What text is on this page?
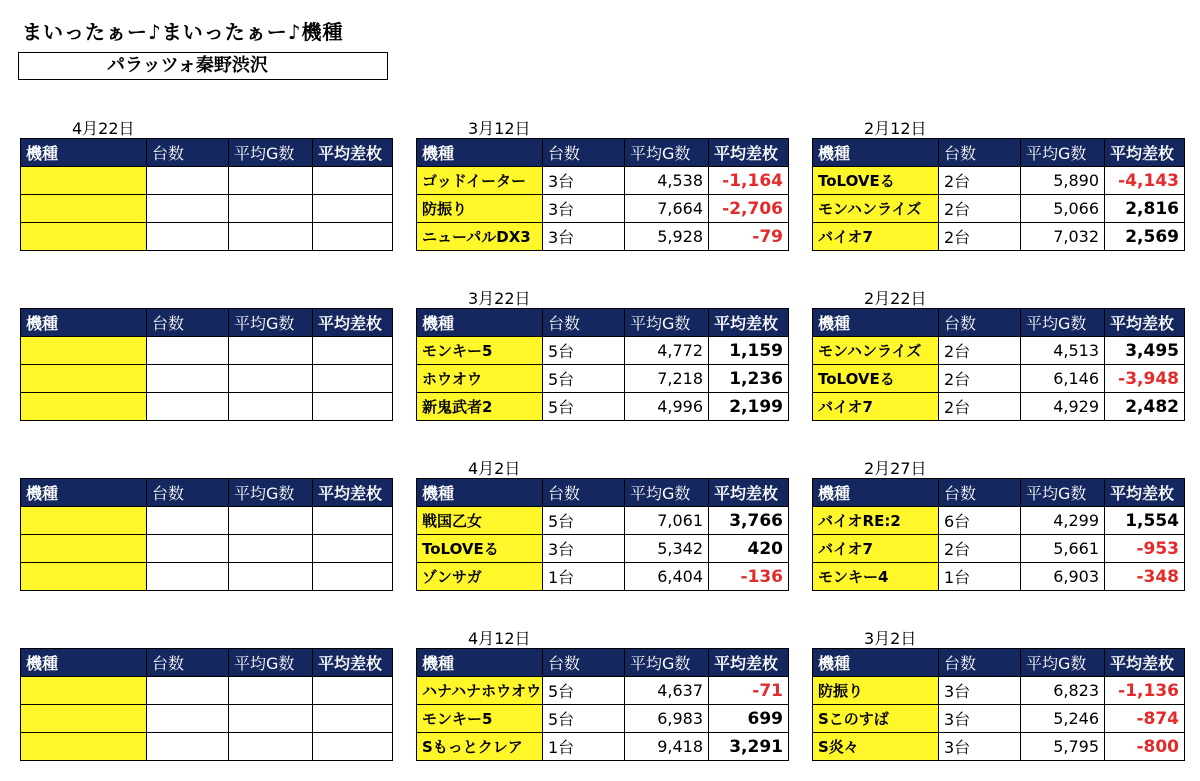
まいったぁー♪まいったぁー♪機種
パラッツォ秦野渋沢
4月22日
機種	台数	平均G数	平均差枚

3月12日
機種	台数	平均G数	平均差枚
ゴッドイーター	3台	4,538	-1,164
防振り	3台	7,664	-2,706
ニューパルDX3	3台	5,928	-79
2月12日
機種	台数	平均G数	平均差枚
ToLOVEる	2台	5,890	-4,143
モンハンライズ	2台	5,066	2,816
バイオ7	2台	7,032	2,569
機種	台数	平均G数	平均差枚

3月22日
機種	台数	平均G数	平均差枚
モンキー5	5台	4,772	1,159
ホウオウ	5台	7,218	1,236
新鬼武者2	5台	4,996	2,199
2月22日
機種	台数	平均G数	平均差枚
モンハンライズ	2台	4,513	3,495
ToLOVEる	2台	6,146	-3,948
バイオ7	2台	4,929	2,482
機種	台数	平均G数	平均差枚

4月2日
機種	台数	平均G数	平均差枚
戦国乙女	5台	7,061	3,766
ToLOVEる	3台	5,342	420
ゾンサガ	1台	6,404	-136
2月27日
機種	台数	平均G数	平均差枚
バイオRE:2	6台	4,299	1,554
バイオ7	2台	5,661	-953
モンキー4	1台	6,903	-348
機種	台数	平均G数	平均差枚

4月12日
機種	台数	平均G数	平均差枚
ハナハナホウオウ	5台	4,637	-71
モンキー5	5台	6,983	699
Sもっとクレア	1台	9,418	3,291
3月2日
機種	台数	平均G数	平均差枚
防振り	3台	6,823	-1,136
Sこのすば	3台	5,246	-874
S炎々	3台	5,795	-800
